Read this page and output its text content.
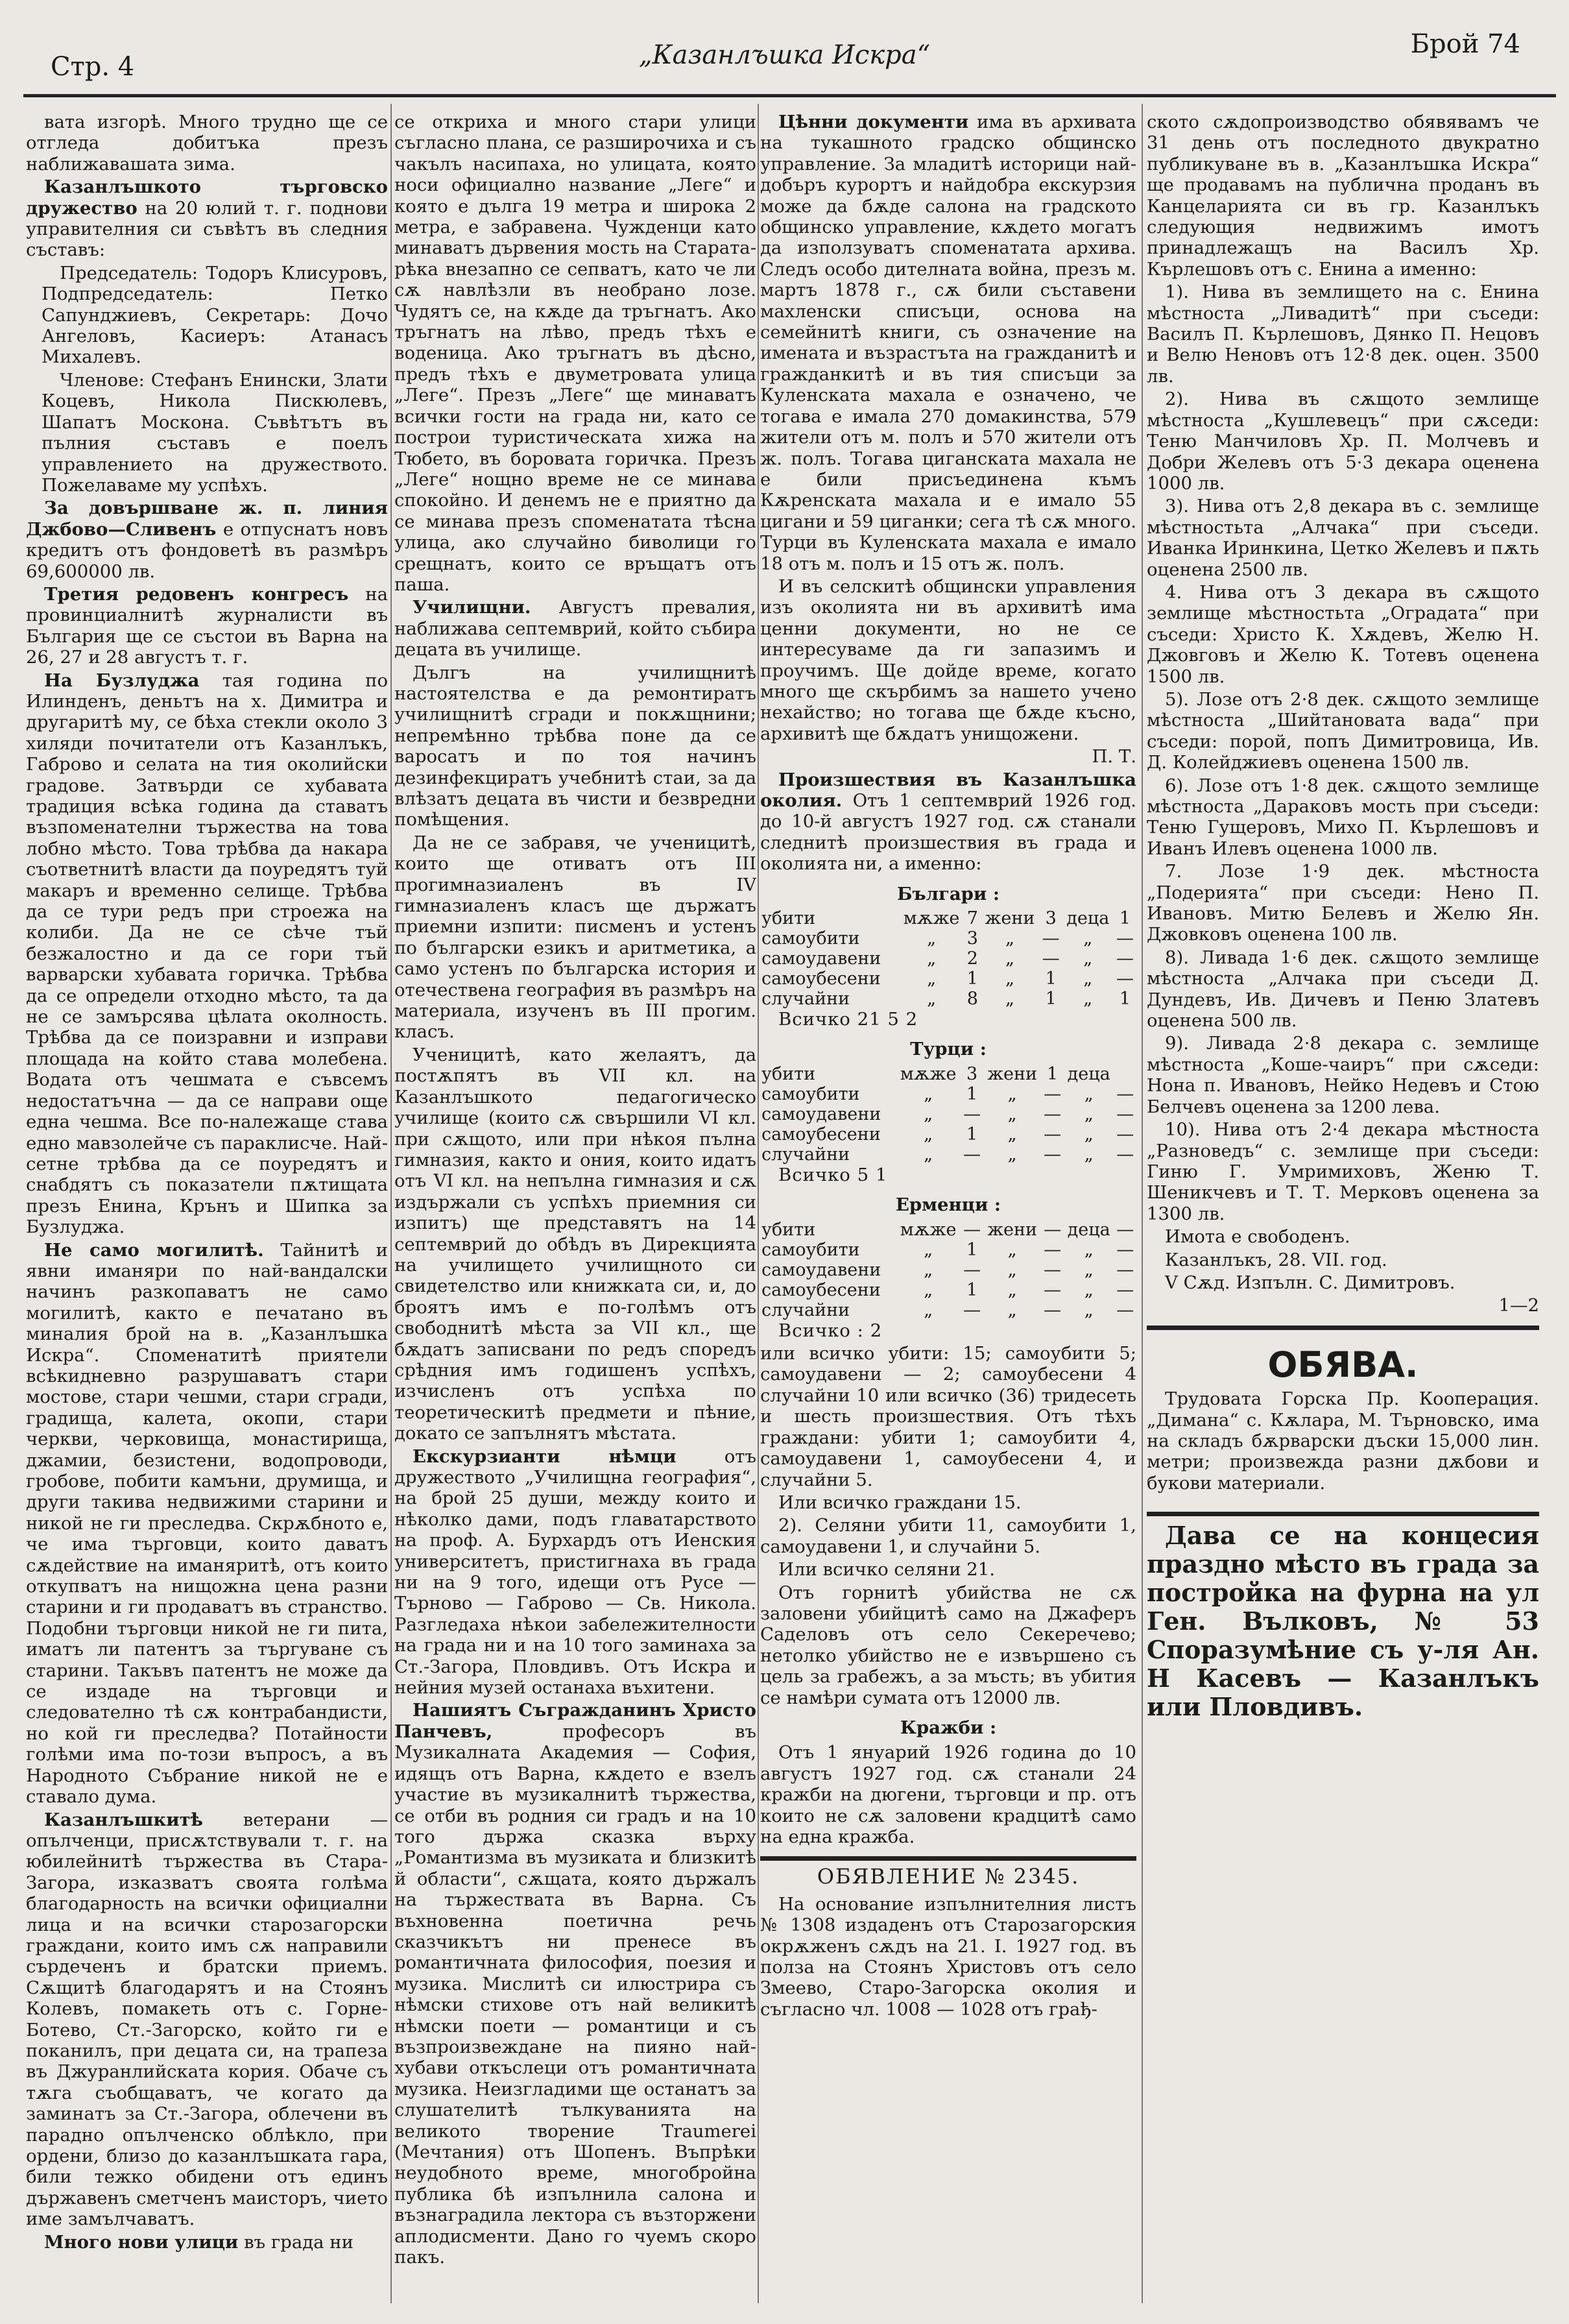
Стр. 4	„Казанлъшка Искра“	Брой 74

вата изгорѣ. Много трудно ще се отгледа добитъка презъ наближавашата зима.

Казанлъшкото търговско дружество на 20 юлий т. г. поднови управителния си съвѣтъ въ следния съставъ:

Председатель: Тодоръ Клисуровъ, Подпредседатель: Петко Сапунджиевъ, Секретарь: Дочо Ангеловъ, Касиеръ: Атанасъ Михалевъ.

Членове: Стефанъ Енински, Злати Коцевъ, Никола Пискюлевъ, Шапатъ Москона. Съвѣтътъ въ пълния съставъ е поелъ управлението на дружеството. Пожелаваме му успѣхъ.

За довършване ж. п. линия Джбово—Сливенъ е отпуснатъ новъ кредитъ отъ фондоветѣ въ размѣръ 69,600000 лв.

Третия редовенъ конгресъ на провинциалнитѣ журналисти въ България ще се състои въ Варна на 26, 27 и 28 августъ т. г.

На Бузлуджа тая година по Илинденъ, деньтъ на х. Димитра и другаритѣ му, се бѣха стекли около 3 хиляди почитатели отъ Казанлъкъ, Габрово и селата на тия околийски градове. Затвърди се хубавата традиция всѣка година да ставатъ възпоменателни тържества на това лобно мѣсто. Това трѣбва да накара съответнитѣ власти да поуредятъ туй макаръ и временно селище. Трѣбва да се тури редъ при строежа на колиби. Да не се сѣче тъй безжалостно и да се гори тъй варварски хубавата горичка. Трѣбва да се определи отходно мѣсто, та да не се замърсява цѣлата околность. Трѣбва да се поизравни и изправи площада на който става молебена. Водата отъ чешмата е съвсемъ недостатъчна — да се направи още една чешма. Все по-належаще става едно мавзолейче съ параклисче. Най-сетне трѣбва да се поуредятъ и снабдятъ съ показатели пѫтищата презъ Енина, Крънъ и Шипка за Бузлуджа.

Не само могилитѣ. Тайнитѣ и явни иманяри по най-вандалски начинъ разкопаватъ не само могилитѣ, както е печатано въ миналия брой на в. „Казанлъшка Искра“. Споменатитѣ приятели всѣкидневно разрушаватъ стари мостове, стари чешми, стари сгради, градища, калета, окопи, стари черкви, черковища, монастирища, джамии, безистени, водопроводи, гробове, побити камъни, друмища, и други такива недвижими старини и никой не ги преследва. Скрѫбното е, че има търговци, които даватъ сѫдействие на иманяритѣ, отъ които откупватъ на нищожна цена разни старини и ги продаватъ въ странство. Подобни търговци никой не ги пита, иматъ ли патентъ за търгуване съ старини. Такъвъ патентъ не може да се издаде на търговци и следователно тѣ сѫ контрабандисти, но кой ги преследва? Потайности голѣми има по-този въпросъ, а въ Народното Събрание никой не е ставало дума.

Казанлъшкитѣ ветерани — опълченци, присѫтствували т. г. на юбилейнитѣ тържества въ Стара-Загора, изказватъ своята голѣма благодарность на всички официални лица и на всички старозагорски граждани, които имъ сѫ направили сърдеченъ и братски приемъ. Сѫщитѣ благодарятъ и на Стоянъ Колевъ, помакеть отъ с. Горне-Ботево, Ст.-Загорско, който ги е поканилъ, при децата си, на трапеза въ Джуранлийската кория. Обаче съ тѫга съобщаватъ, че когато да заминатъ за Ст.-Загора, облечени въ парадно опълченско облѣкло, при ордени, близо до казанлъшката гара, били тежко обидени отъ единъ държавенъ сметченъ маисторъ, чието име замълчаватъ.

Много нови улици въ града ни

се откриха и много стари улици съгласно плана, се разширочиха и съ чакълъ насипаха, но улицата, която носи официално название „Леге“ и която е дълга 19 метра и широка 2 метра, е забравена. Чужденци като минаватъ дървения мость на Старата-рѣка внезапно се сепватъ, като че ли сѫ навлѣзли въ необрано лозе. Чудятъ се, на кѫде да тръгнатъ. Ако тръгнатъ на лѣво, предъ тѣхъ е воденица. Ако тръгнатъ въ дѣсно, предъ тѣхъ е двуметровата улица „Леге“. Презъ „Леге“ ще минаватъ всички гости на града ни, като се построи туристическата хижа на Тюбето, въ боровата горичка. Презъ „Леге“ нощно време не се минава спокойно. И денемъ не е приятно да се минава презъ споменатата тѣсна улица, ако случайно биволици го срещнатъ, които се връщатъ отъ паша.

Училищни. Августъ превалия, наближава септемврий, който събира децата въ училище.

Дългъ на училищнитѣ настоятелства е да ремонтиратъ училищнитѣ сгради и покѫщнини; непремѣнно трѣбва поне да се варосатъ и по тоя начинъ дезинфекциратъ учебнитѣ стаи, за да влѣзатъ децата въ чисти и безвредни помѣщения.

Да не се забравя, че ученицитѣ, които ще отиватъ отъ III прогимназиаленъ въ IV гимназиаленъ класъ ще държатъ приемни изпити: писменъ и устенъ по български езикъ и аритметика, а само устенъ по българска история и отечествена география въ размѣръ на материала, изученъ въ III прогим. класъ.

Ученицитѣ, като желаятъ, да постѫпятъ въ VII кл. на Казанлъшкото педагогическо училище (които сѫ свършили VI кл. при сѫщото, или при нѣкоя пълна гимназия, както и ония, които идатъ отъ VI кл. на непълна гимназия и сѫ издържали съ успѣхъ приемния си изпитъ) ще представятъ на 14 септемврий до обѣдъ въ Дирекцията на училището училищното си свидетелство или книжката си, и, до броятъ имъ е по-голѣмъ отъ свободнитѣ мѣста за VII кл., ще бѫдатъ записвани по редъ споредъ срѣдния имъ годишенъ успѣхъ, изчисленъ отъ успѣха по теоретическитѣ предмети и пѣние, докато се запълнятъ мѣстата.

Екскурзианти нѣмци	отъ дружеството „Училищна география“, на брой 25 души, между които и нѣколко дами, подъ главатарството на проф. А. Бурхардъ отъ Иенския университетъ, пристигнаха въ града ни на 9 того, идещи отъ Русе — Търново — Габрово — Св. Никола. Разгледаха нѣкои забележителности на града ни и на 10 того заминаха за Ст.-Загора, Пловдивъ. Отъ Искра и нейния музей останаха въхитени.

Нашиятъ Съгражданинъ Христо Панчевъ,	професоръ въ Музикалната Академия — София, идящъ отъ Варна, кѫдето е взелъ участие въ музикалнитѣ тържества, се отби въ родния си градъ и на 10 того държа сказка върху „Романтизма въ музиката и близкитѣ й области“, сѫщата, която държалъ на тържествата въ Варна. Съ въхновенна поетична речь сказчикътъ ни пренесе въ романтичната философия, поезия и музика. Мислитѣ си илюстрира съ нѣмски стихове отъ най великитѣ нѣмски поети — романтици и съ възпроизвеждане на пияно най-хубави откъслеци отъ романтичната музика. Неизгладими ще останатъ за слушателитѣ тълкуванията на великото творение Traumerei (Мечтания) отъ Шопенъ. Въпрѣки неудобното време, многобройна публика бѣ изпълнила салона и възнаградила лектора съ възторжени аплодисменти. Дано го чуемъ скоро пакъ.

Цѣнни документи има въ архивата на тукашното градско общинско управление. За младитѣ историци най-добъръ курортъ и найдобра екскурзия може да бѫде салона на градското общинско управление, кѫдето могатъ да използуватъ споменатата архива. Следъ особо дителната война, презъ м. мартъ 1878 г., сѫ били съставени махленски списъци, основа на семейнитѣ книги, съ означение на имената и възрастъта на гражданитѣ и гражданкитѣ и въ тия списъци за Куленската махала е означено, че тогава е имала 270 домакинства, 579 жители отъ м. полъ и 570 жители отъ ж. полъ. Тогава циганската махала не е били присъединена къмъ Кѫренската махала и е имало 55 цигани и 59 циганки; сега тѣ сѫ много. Турци въ Куленската махала е имало 18 отъ м. полъ и 15 отъ ж. полъ.

И въ селскитѣ общински управления изъ околията ни въ архивитѣ има ценни документи, но не се интересуваме да ги запазимъ и проучимъ. Ще дойде време, когато много ще скърбимъ за нашето учено нехайство; но тогава ще бѫде късно, архивитѣ ще бѫдатъ унищожени.

П. Т.

Произшествия въ Казанлъшка околия. Отъ 1 септемврий 1926 год. до 10-й августъ 1927 год. сѫ станали следнитѣ произшествия въ града и околията ни, а именно:

Българи :
убити	мѫже	7	жени	3	деца	1
самоубити	„	3	„	—	„	—
самоудавени	„	2	„	—	„	—
самоубесени	„	1	„	1	„	—
случайни	„	8	„	1	„	1

Всичко 21 5 2

Турци :
убити	мѫже	3	жени	1	деца	
самоубити	„	1	„	—	„	—
самоудавени	„	—	„	—	„	—
самоубесени	„	1	„	—	„	—
случайни	„	—	„	—	„	—

Всичко 5 1

Ерменци :
убити	мѫже	—	жени	—	деца	—
самоубити	„	1	„	—	„	—
самоудавени	„	—	„	—	„	—
самоубесени	„	1	„	—	„	—
случайни	„	—	„	—	„	—

Всичко : 2

или всичко убити: 15; самоубити 5; самоудавени — 2; самоубесени 4 случайни 10 или всичко (36) тридесеть и шесть произшествия. Отъ тѣхъ граждани: убити 1; самоубити 4, самоудавени 1, самоубесени 4, и случайни 5.

Или всичко граждани 15.

2). Селяни убити 11, самоубити 1, самоудавени 1, и случайни 5.

Или всичко селяни 21.

Отъ горнитѣ убийства не сѫ заловени убийцитѣ само на Джаферъ Саделовъ отъ село Секеречево; нетолко убийство не е извършено съ цель за грабежъ, а за мъсть; въ убития се намѣри сумата отъ 12000 лв.

Кражби :

Отъ 1 януарий 1926 година до 10 августъ 1927 год. сѫ станали 24 кражби на дюгени, търговци и пр. отъ които не сѫ заловени крадцитѣ само на една кражба.

ОБЯВЛЕНИЕ № 2345.

На основание изпълнителния листъ № 1308 издаденъ отъ Старозагорския окрѫженъ сѫдъ на 21. I. 1927 год. въ полза на Стоянъ Христовъ отъ село Змеево, Старо-Загорска околия и съгласно чл. 1008 — 1028 отъ грађ-

ското сѫдопроизводство обявявамъ че 31 день отъ последното двукратно публикуване въ в. „Казанлъшка Искра“ ще продавамъ на публична проданъ въ Канцеларията си въ гр. Казанлъкъ следующия недвижимъ имотъ принадлежащъ на Василъ Хр. Кърлешовъ отъ с. Енина а именно:

1). Нива въ землището на с. Енина мѣстноста „Ливадитѣ“ при съседи: Василъ П. Кърлешовъ, Дянко П. Нецовъ и Велю Неновъ отъ 12·8 дек. оцен. 3500 лв.

2). Нива въ сѫщото землище мѣстноста „Кушлевецъ“ при сѫседи: Теню Манчиловъ Хр. П. Молчевъ и Добри Желевъ отъ 5·3 декара оценена 1000 лв.

3). Нива отъ 2,8 декара въ с. землище мѣстностьта „Алчака“ при съседи. Иванка Иринкина, Цетко Желевъ и пѫть оценена 2500 лв.

4. Нива отъ 3 декара въ сѫщото землище мѣстностьта „Оградата“ при съседи: Христо К. Хѫдевъ, Желю Н. Джовговъ и Желю К. Тотевъ оценена 1500 лв.

5). Лозе отъ 2·8 дек. сѫщото землище мѣстноста „Шийтановата вада“ при съседи: порой, попъ Димитровица, Ив. Д. Колейджиевъ оценена 1500 лв.

6). Лозе отъ 1·8 дек. сѫщото землище мѣстноста „Дараковъ мость при съседи: Теню Гущеровъ, Михо П. Кърлешовъ и Иванъ Илевъ оценена 1000 лв.

7. Лозе 1·9 дек. мѣстноста „Подерията“ при съседи: Нено П. Ивановъ. Митю Белевъ и Желю Ян. Джовковъ оценена 100 лв.

8). Ливада 1·6 дек. сѫщото землище мѣстноста „Алчака при съседи Д. Дундевъ, Ив. Дичевъ и Пеню Златевъ оценена 500 лв.

9). Ливада 2·8 декара с. землище мѣстноста „Коше-чаиръ“ при сѫседи: Нона п. Ивановъ, Нейко Недевъ и Стою Белчевъ оценена за 1200 лева.

10). Нива отъ 2·4 декара мѣстноста „Разноведъ“ с. землище при съседи: Гиню Г. Умримиховъ, Женю Т. Шеникчевъ и Т. Т. Мерковъ оценена за 1300 лв.

Имота е свободенъ.

Казанлъкъ, 28. VII. год.

V Сѫд. Изпълн. С. Димитровъ.

1—2

ОБЯВА.

Трудовата Горска Пр. Кооперация. „Димана“ с. Кѫлара, М. Търновско, има на складъ бѫрварски дъски 15,000 лин. метри; произвежда разни дѫбови и букови материали.

Дава се на концесия праздно мѣсто въ града за постройка на фурна на ул Ген. Вълковъ, № 53 Споразумѣние съ у-ля Ан. Н Касевъ — Казанлъкъ или Пловдивъ.
